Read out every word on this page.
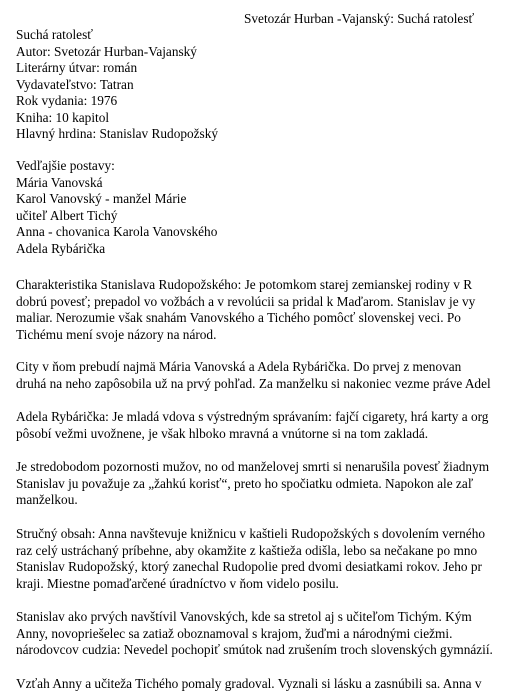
Svetozár Hurban -Vajanský: Suchá ratolesť
Suchá ratolesť
Autor: Svetozár Hurban-Vajanský
Literárny útvar: román
Vydavateľstvo: Tatran
Rok vydania: 1976
Kniha: 10 kapitol
Hlavný hrdina: Stanislav Rudopožský
Vedľajšie postavy:
Mária Vanovská
Karol Vanovský - manžel Márie
učiteľ Albert Tichý
Anna - chovanica Karola Vanovského
Adela Rybárička
Charakteristika Stanislava Rudopožského: Je potomkom starej zemianskej rodiny v R
dobrú povesť; prepadol vo vožbách a v revolúcii sa pridal k Maďarom. Stanislav je vy
maliar. Nerozumie však snahám Vanovského a Tichého pomôcť slovenskej veci. Po
Tichému mení svoje názory na národ.
City v ňom prebudí najmä Mária Vanovská a Adela Rybárička. Do prvej z menovan
druhá na neho zapôsobila už na prvý pohľad. Za manželku si nakoniec vezme práve Adel
Adela Rybárička: Je mladá vdova s výstredným správaním: fajčí cigarety, hrá karty a org
pôsobí vežmi uvožnene, je však hlboko mravná a vnútorne si na tom zakladá.
Je stredobodom pozornosti mužov, no od manželovej smrti si nenarušila povesť žiadnym
Stanislav ju považuje za „žahkú korisť“, preto ho spočiatku odmieta. Napokon ale zaľ
manželkou.
Stručný obsah: Anna navštevuje knižnicu v kaštieli Rudopožských s dovolením verného
raz celý ustráchaný príbehne, aby okamžite z kaštieža odišla, lebo sa nečakane po mno
Stanislav Rudopožský, ktorý zanechal Rudopolie pred dvomi desiatkami rokov. Jeho pr
kraji. Miestne pomaďarčené úradníctvo v ňom videlo posilu.
Stanislav ako prvých navštívil Vanovských, kde sa stretol aj s učiteľom Tichým. Kým
Anny, novopriešelec sa zatiaž oboznamoval s krajom, žuďmi a národnými ciežmi.
národovcov cudzia: Nevedel pochopiť smútok nad zrušením troch slovenských gymnázií.
Vzťah Anny a učiteža Tichého pomaly gradoval. Vyznali si lásku a zasnúbili sa. Anna v
